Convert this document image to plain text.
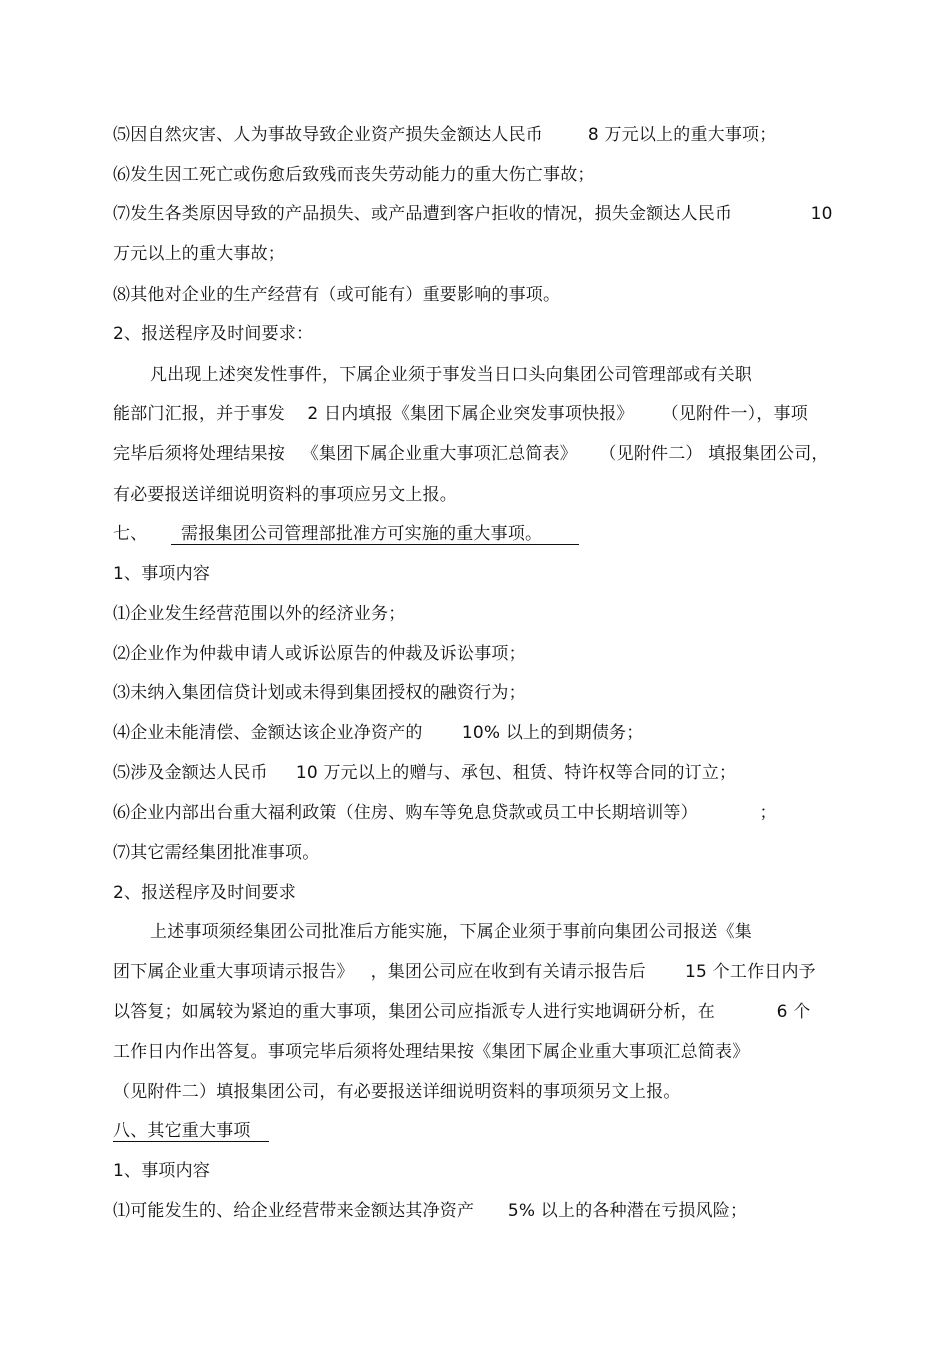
⑸因自然灾害、人为事故导致企业资产损失金额达人民币        8 万元以上的重大事项；
⑹发生因工死亡或伤愈后致残而丧失劳动能力的重大伤亡事故；
⑺发生各类原因导致的产品损失、或产品遭到客户拒收的情况，损失金额达人民币              10
万元以上的重大事故；
⑻其他对企业的生产经营有（或可能有）重要影响的事项。
2、报送程序及时间要求：
凡出现上述突发性事件，下属企业须于事发当日口头向集团公司管理部或有关职
能部门汇报，并于事发    2 日内填报《集团下属企业突发事项快报》     （见附件一），事项
完毕后须将处理结果按   《集团下属企业重大事项汇总简表》    （见附件二） 填报集团公司，
有必要报送详细说明资料的事项应另文上报。
七、      需报集团公司管理部批准方可实施的重大事项。
1、事项内容
⑴企业发生经营范围以外的经济业务；
⑵企业作为仲裁申请人或诉讼原告的仲裁及诉讼事项；
⑶未纳入集团信贷计划或未得到集团授权的融资行为；
⑷企业未能清偿、金额达该企业净资产的       10% 以上的到期债务；
⑸涉及金额达人民币     10 万元以上的赠与、承包、租赁、特许权等合同的订立；
⑹企业内部出台重大福利政策（住房、购车等免息贷款或员工中长期培训等）           ；
⑺其它需经集团批准事项。
2、报送程序及时间要求
上述事项须经集团公司批准后方能实施，下属企业须于事前向集团公司报送《集
团下属企业重大事项请示报告》   ，集团公司应在收到有关请示报告后       15 个工作日内予
以答复；如属较为紧迫的重大事项，集团公司应指派专人进行实地调研分析，在           6 个
工作日内作出答复。事项完毕后须将处理结果按《集团下属企业重大事项汇总简表》
（见附件二）填报集团公司，有必要报送详细说明资料的事项须另文上报。
八、其它重大事项
1、事项内容
⑴可能发生的、给企业经营带来金额达其净资产      5% 以上的各种潜在亏损风险；
